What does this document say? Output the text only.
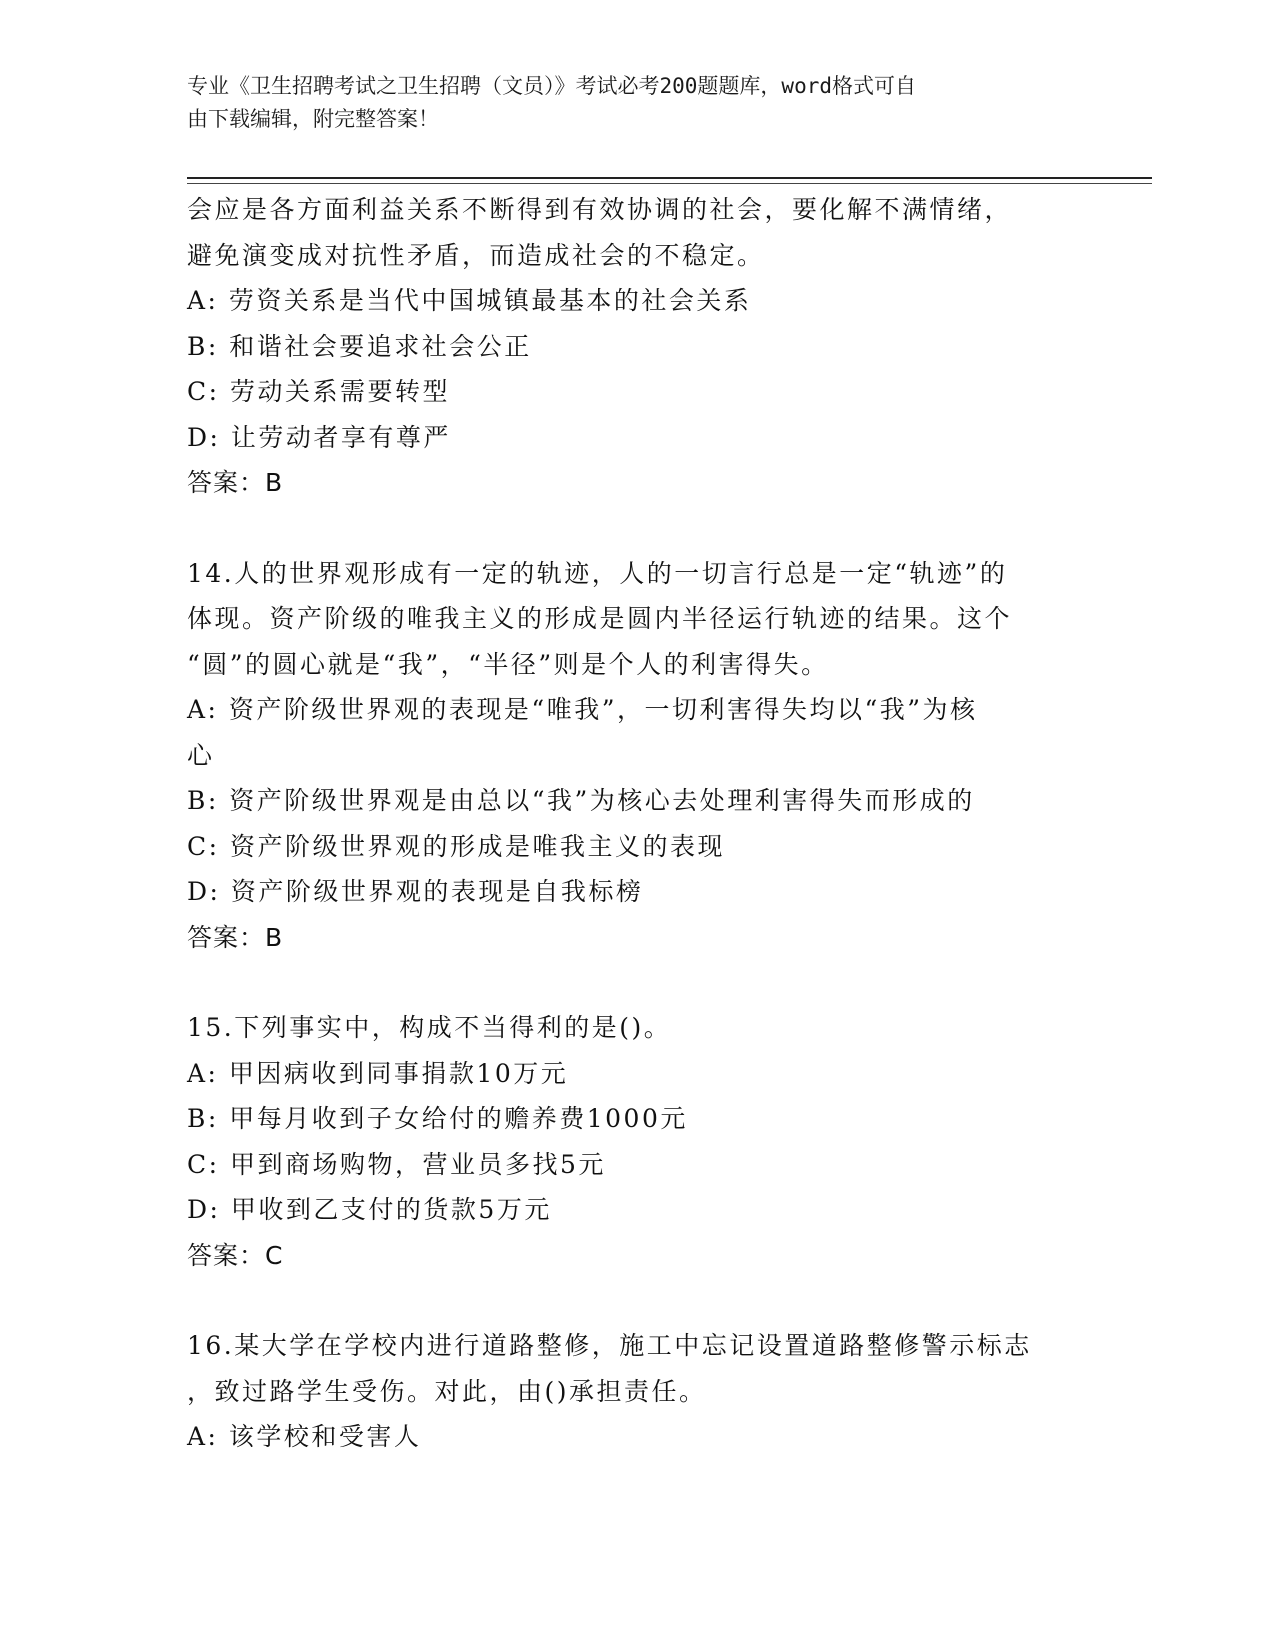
专业《卫生招聘考试之卫生招聘（文员）》考试必考200题题库，word格式可自
由下载编辑，附完整答案！
会应是各方面利益关系不断得到有效协调的社会，要化解不满情绪，
避免演变成对抗性矛盾，而造成社会的不稳定。
A: 劳资关系是当代中国城镇最基本的社会关系
B: 和谐社会要追求社会公正
C: 劳动关系需要转型
D: 让劳动者享有尊严
答案：B
14.人的世界观形成有一定的轨迹，人的一切言行总是一定“轨迹”的
体现。资产阶级的唯我主义的形成是圆内半径运行轨迹的结果。这个
“圆”的圆心就是“我”，“半径”则是个人的利害得失。
A: 资产阶级世界观的表现是“唯我”，一切利害得失均以“我”为核
心
B: 资产阶级世界观是由总以“我”为核心去处理利害得失而形成的
C: 资产阶级世界观的形成是唯我主义的表现
D: 资产阶级世界观的表现是自我标榜
答案：B
15.下列事实中，构成不当得利的是()。
A: 甲因病收到同事捐款10万元
B: 甲每月收到子女给付的赡养费1000元
C: 甲到商场购物，营业员多找5元
D: 甲收到乙支付的货款5万元
答案：C
16.某大学在学校内进行道路整修，施工中忘记设置道路整修警示标志
，致过路学生受伤。对此，由()承担责任。
A: 该学校和受害人
